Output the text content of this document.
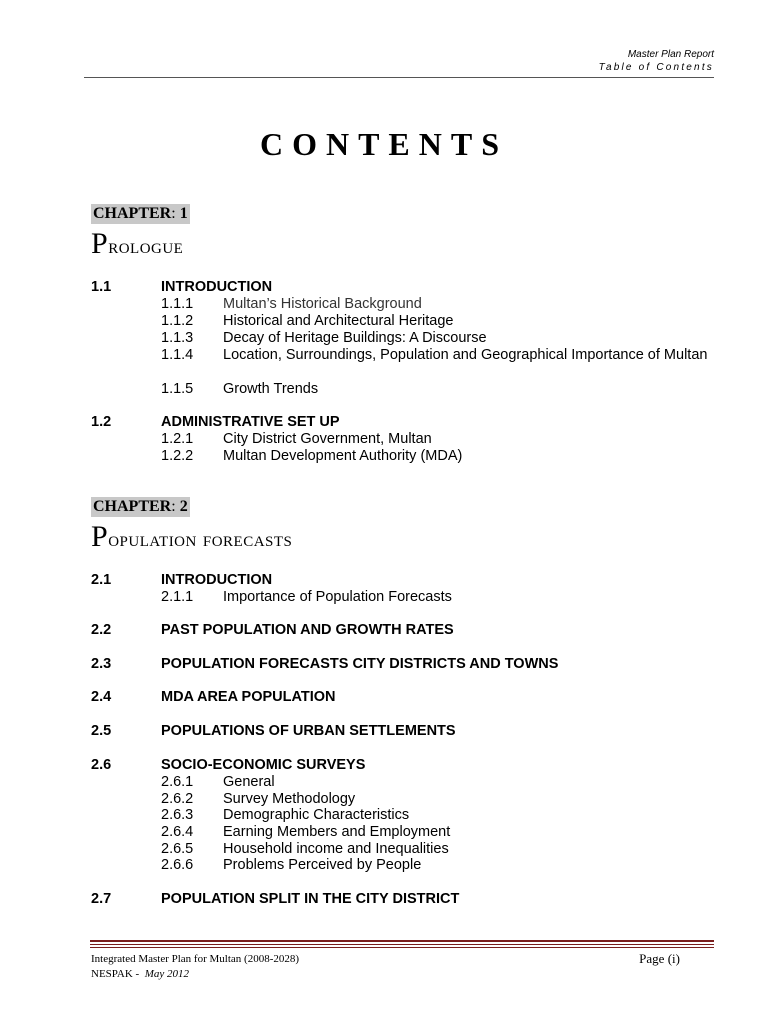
Master Plan Report
Table of Contents
CONTENTS
CHAPTER: 1
Prologue
1.1	INTRODUCTION
1.1.1 Multan’s Historical Background
1.1.2 Historical and Architectural Heritage
1.1.3 Decay of Heritage Buildings: A Discourse
1.1.4 Location, Surroundings, Population and Geographical Importance of Multan
1.1.5 Growth Trends
1.2	ADMINISTRATIVE SET UP
1.2.1 City District Government, Multan
1.2.2 Multan Development Authority (MDA)
CHAPTER: 2
Population forecasts
2.1	INTRODUCTION
2.1.1 Importance of Population Forecasts
2.2	PAST POPULATION AND GROWTH RATES
2.3	POPULATION FORECASTS CITY DISTRICTS AND TOWNS
2.4	MDA AREA POPULATION
2.5	POPULATIONS OF URBAN SETTLEMENTS
2.6	SOCIO-ECONOMIC SURVEYS
2.6.1 General
2.6.2 Survey Methodology
2.6.3 Demographic Characteristics
2.6.4 Earning Members and Employment
2.6.5 Household income and Inequalities
2.6.6 Problems Perceived by People
2.7	POPULATION SPLIT IN THE CITY DISTRICT
Integrated Master Plan for Multan (2008-2028)
NESPAK - May 2012
Page (i)
